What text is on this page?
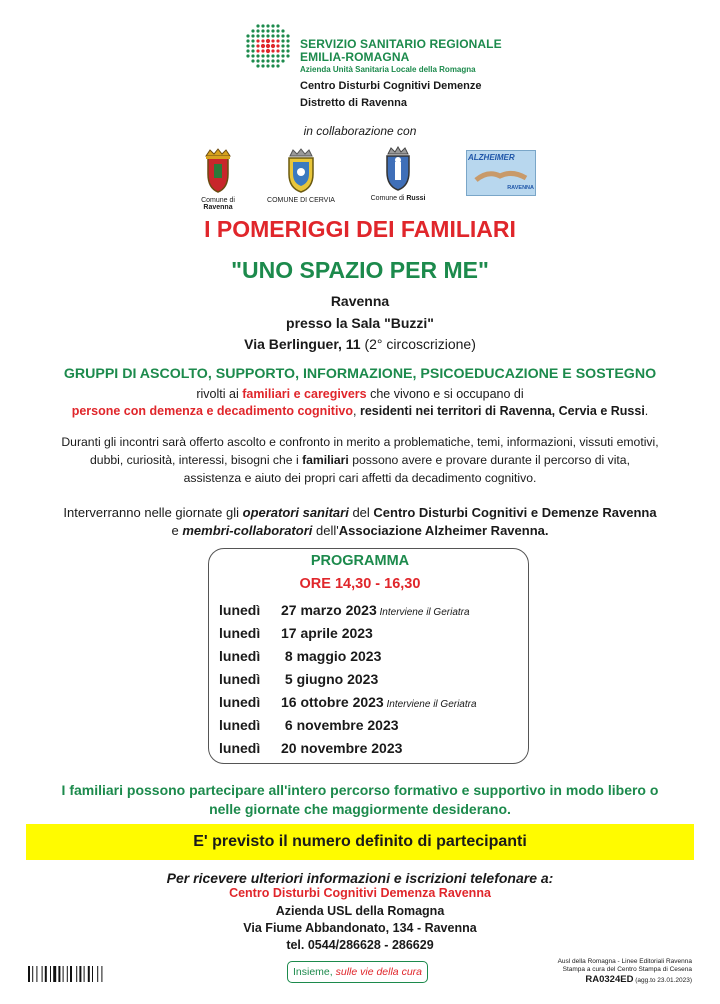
SERVIZIO SANITARIO REGIONALE
EMILIA-ROMAGNA
Azienda Unità Sanitaria Locale della Romagna
Centro Disturbi Cognitivi Demenze
Distretto di Ravenna
in collaborazione con
Comune di Ravenna
COMUNE DI CERVIA	Comune di Russi
ALZHEIMER
RAVENNA
I POMERIGGI DEI FAMILIARI
"UNO SPAZIO PER ME"
Ravenna
presso la Sala "Buzzi"
Via Berlinguer, 11 (2° circoscrizione)
GRUPPI DI ASCOLTO, SUPPORTO, INFORMAZIONE, PSICOEDUCAZIONE E SOSTEGNO
rivolti ai familiari e caregivers che vivono e si occupano di
persone con demenza e decadimento cognitivo, residenti nei territori di Ravenna, Cervia e Russi.
Duranti gli incontri sarà offerto ascolto e confronto in merito a problematiche, temi, informazioni, vissuti emotivi,
dubbi, curiosità, interessi, bisogni che i familiari possono avere e provare durante il percorso di vita,
assistenza e aiuto dei propri cari affetti da decadimento cognitivo.
Interverranno nelle giornate gli operatori sanitari del Centro Disturbi Cognitivi e Demenze Ravenna
e membri-collaboratori dell'Associazione Alzheimer Ravenna.
PROGRAMMA
ORE 14,30 - 16,30
lunedì 27 marzo 2023 Interviene il Geriatra
lunedì 17 aprile 2023
lunedì 8 maggio 2023
lunedì 5 giugno 2023
lunedì 16 ottobre 2023 Interviene il Geriatra
lunedì 6 novembre 2023
lunedì 20 novembre 2023
I familiari possono partecipare all'intero percorso formativo e supportivo in modo libero o
nelle giornate che maggiormente desiderano.
E' previsto il numero definito di partecipanti
Per ricevere ulteriori informazioni e iscrizioni telefonare a:
Centro Disturbi Cognitivi Demenza Ravenna
Azienda USL della Romagna
Via Fiume Abbandonato, 134 - Ravenna
tel. 0544/286628 - 286629
Insieme, sulle vie della cura
Ausl della Romagna - Linee Editoriali Ravenna
Stampa a cura del Centro Stampa di Cesena
RA0324ED (agg.to 23.01.2023)
